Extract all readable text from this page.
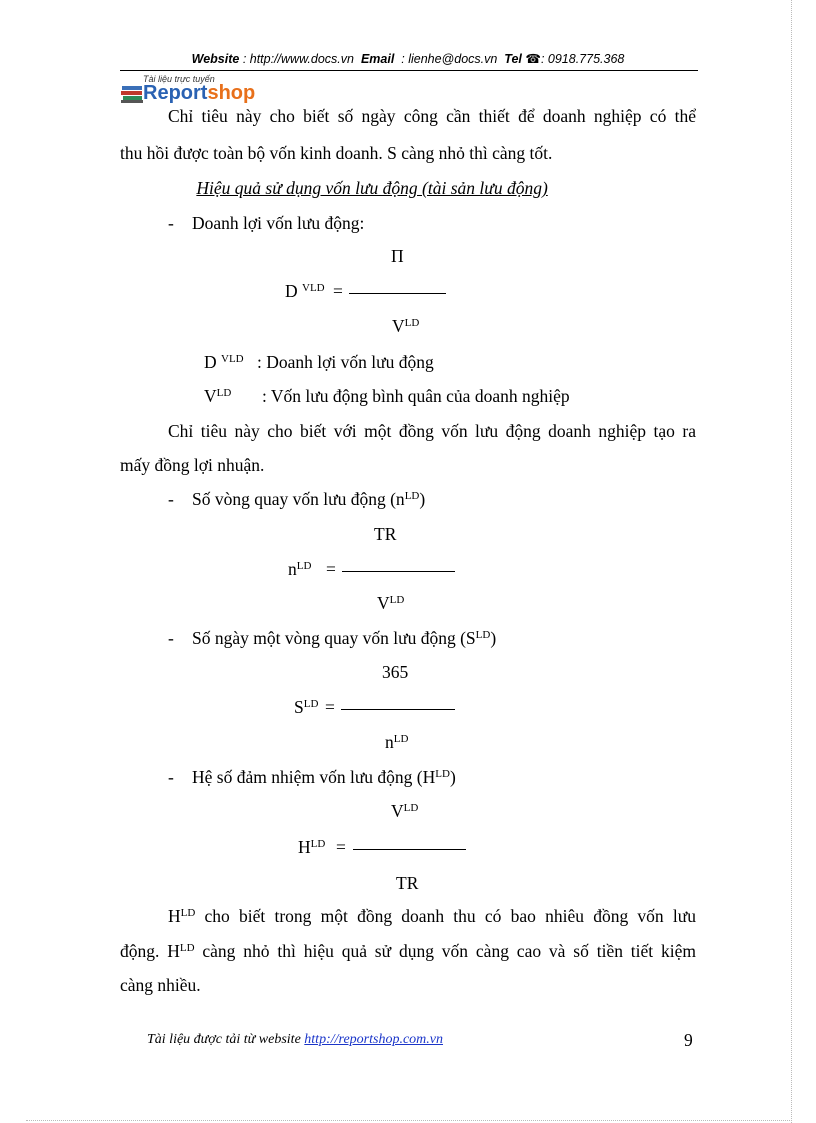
Website : http://www.docs.vn Email : lienhe@docs.vn Tel ☎: 0918.775.368
Tài liệu trực tuyến
Reportshop
Chỉ tiêu này cho biết số ngày công cần thiết để doanh nghiệp có thể
thu hồi được toàn bộ vốn kinh doanh. S càng nhỏ thì càng tốt.
Hiệu quả sử dụng vốn lưu động (tài sản lưu động)
- Doanh lợi vốn lưu động:
Π
D $^{VLD}$ =
$V^{LD}$
D $^{VLD}$ : Doanh lợi vốn lưu động
$V^{LD}$ : Vốn lưu động bình quân của doanh nghiệp
Chỉ tiêu này cho biết với một đồng vốn lưu động doanh nghiệp tạo ra
mấy đồng lợi nhuận.
- Số vòng quay vốn lưu động $(n^{LD})$
TR
$n^{LD}$ =
$V^{LD}$
- Số ngày một vòng quay vốn lưu động $(S^{LD})$
365
$S^{LD}$ =
$n^{LD}$
- Hệ số đảm nhiệm vốn lưu động $(H^{LD})$
$V^{LD}$
$H^{LD}$ =
TR
$H^{LD}$ cho biết trong một đồng doanh thu có bao nhiêu đồng vốn lưu
động. $H^{LD}$ càng nhỏ thì hiệu quả sử dụng vốn càng cao và số tiền tiết kiệm
càng nhiều.
Tài liệu được tải từ website http://reportshop.com.vn	9
